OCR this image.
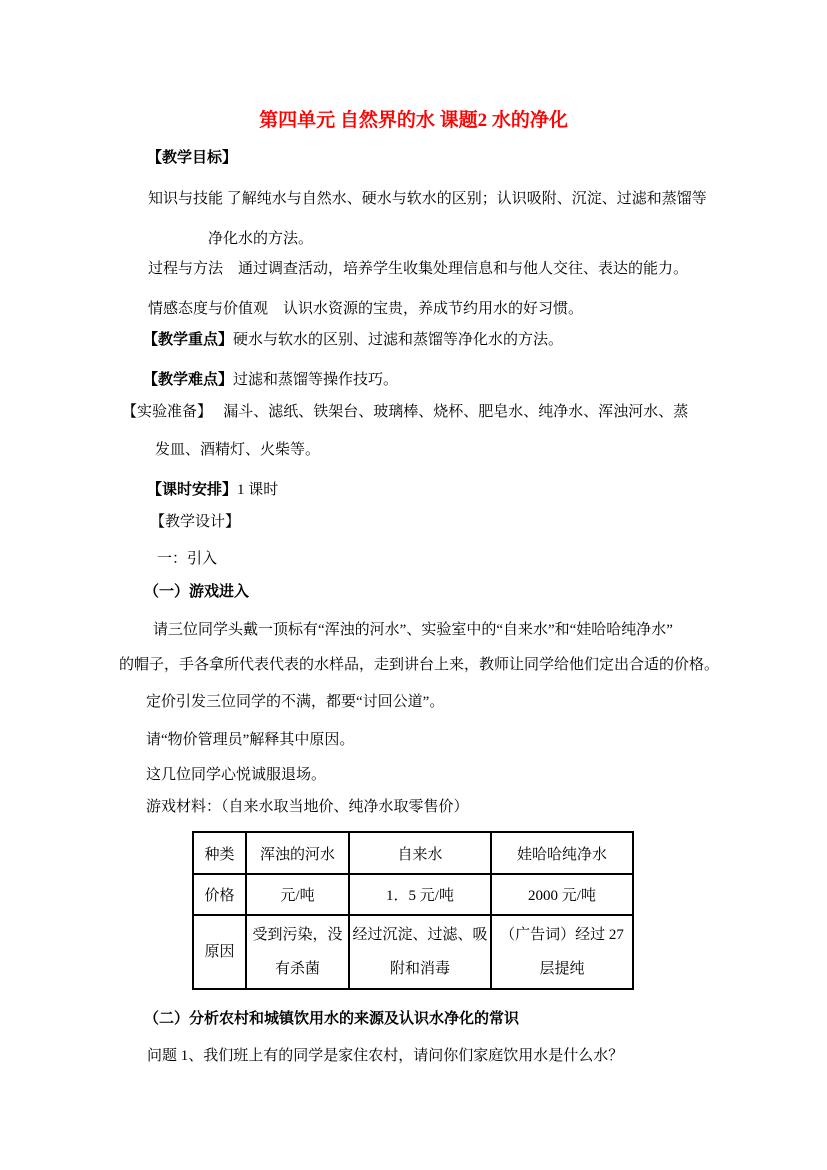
第四单元 自然界的水 课题2 水的净化
【教学目标】
知识与技能 了解纯水与自然水、硬水与软水的区别；认识吸附、沉淀、过滤和蒸馏等
净化水的方法。
过程与方法　通过调查活动，培养学生收集处理信息和与他人交往、表达的能力。
情感态度与价值观　认识水资源的宝贵，养成节约用水的好习惯。
【教学重点】硬水与软水的区别、过滤和蒸馏等净化水的方法。
【教学难点】过滤和蒸馏等操作技巧。
【实验准备】　 漏斗、滤纸、铁架台、玻璃棒、烧杯、肥皂水、纯净水、浑浊河水、蒸
发皿、酒精灯、火柴等。
【课时安排】1 课时
【教学设计】
一：引入
（一）游戏进入
请三位同学头戴一顶标有“浑浊的河水”、实验室中的“自来水”和“娃哈哈纯净水”
的帽子，手各拿所代表代表的水样品，走到讲台上来，教师让同学给他们定出合适的价格。
定价引发三位同学的不满，都要“讨回公道”。
请“物价管理员”解释其中原因。
这几位同学心悦诚服退场。
游戏材料：（自来水取当地价、纯净水取零售价）
种类	浑浊的河水	自来水	娃哈哈纯净水
价格	元/吨	1．5 元/吨	2000 元/吨
原因	受到污染，没有杀菌	经过沉淀、过滤、吸附和消毒	（广告词）经过 27 层提纯
（二）分析农村和城镇饮用水的来源及认识水净化的常识
问题 1、我们班上有的同学是家住农村，请问你们家庭饮用水是什么水？
